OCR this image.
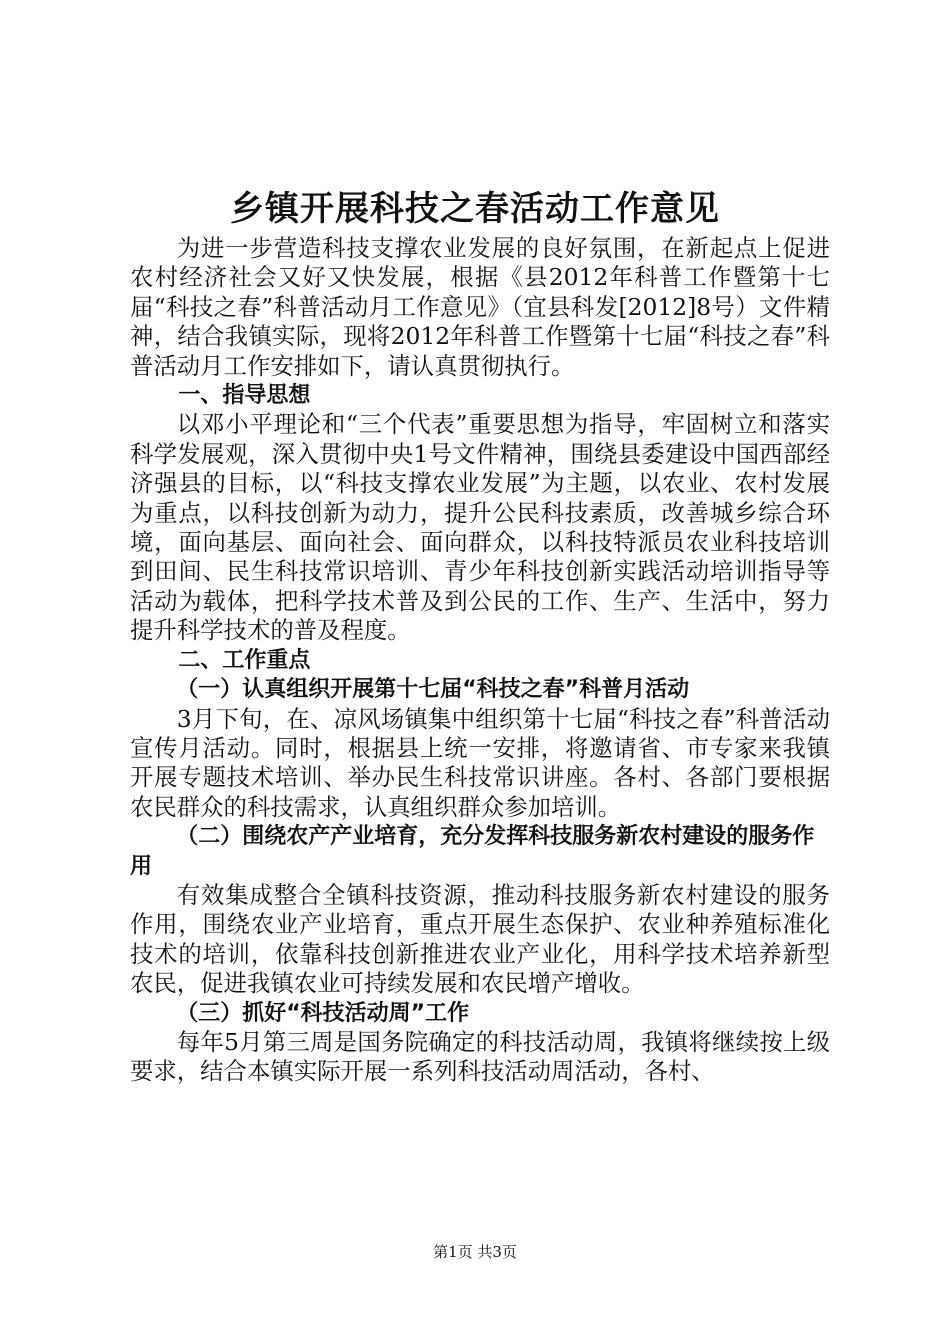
乡镇开展科技之春活动工作意见

为进一步营造科技支撑农业发展的良好氛围，在新起点上促进农村经济社会又好又快发展，根据《县2012年科普工作暨第十七届“科技之春”科普活动月工作意见》（宜县科发[2012]8号）文件精神，结合我镇实际，现将2012年科普工作暨第十七届“科技之春”科普活动月工作安排如下，请认真贯彻执行。

一、指导思想

以邓小平理论和“三个代表”重要思想为指导，牢固树立和落实科学发展观，深入贯彻中央1号文件精神，围绕县委建设中国西部经济强县的目标，以“科技支撑农业发展”为主题，以农业、农村发展为重点，以科技创新为动力，提升公民科技素质，改善城乡综合环境，面向基层、面向社会、面向群众，以科技特派员农业科技培训到田间、民生科技常识培训、青少年科技创新实践活动培训指导等活动为载体，把科学技术普及到公民的工作、生产、生活中，努力提升科学技术的普及程度。

二、工作重点

（一）认真组织开展第十七届“科技之春”科普月活动

3月下旬，在、凉风场镇集中组织第十七届“科技之春”科普活动宣传月活动。同时，根据县上统一安排，将邀请省、市专家来我镇开展专题技术培训、举办民生科技常识讲座。各村、各部门要根据农民群众的科技需求，认真组织群众参加培训。

（二）围绕农产产业培育，充分发挥科技服务新农村建设的服务作用

有效集成整合全镇科技资源，推动科技服务新农村建设的服务作用，围绕农业产业培育，重点开展生态保护、农业种养殖标准化技术的培训，依靠科技创新推进农业产业化，用科学技术培养新型农民，促进我镇农业可持续发展和农民增产增收。

（三）抓好“科技活动周”工作

每年5月第三周是国务院确定的科技活动周，我镇将继续按上级要求，结合本镇实际开展一系列科技活动周活动，各村、

第1页 共3页
